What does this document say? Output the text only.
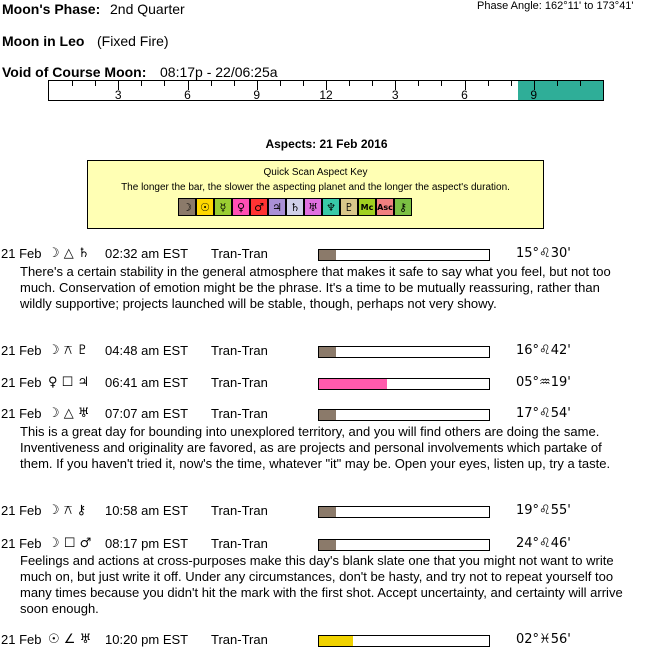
Moon's Phase: 2nd Quarter	Phase Angle: 162°11' to 173°41'
Moon in Leo (Fixed Fire)
Void of Course Moon: 08:17p - 22/06:25a
3	6	9	12	3	6	9
Aspects: 21 Feb 2016
Quick Scan Aspect Key
The longer the bar, the slower the aspecting planet and the longer the aspect's duration.
☽ ☉ ☿ ♀ ♂ ♃ ♄ ♅ ♆ ♇ Mc Asc ⚷
21 Feb ☽ △ ♄ 02:32 am EST Tran-Tran	15°♌30'
There's a certain stability in the general atmosphere that makes it safe to say what you feel, but not too much. Conservation of emotion might be the phrase. It's a time to be mutually reassuring, rather than wildly supportive; projects launched will be stable, though, perhaps not very showy.
21 Feb ☽ ⚻ ♇ 04:48 am EST Tran-Tran	16°♌42'
21 Feb ♀ ☐ ♃ 06:41 am EST Tran-Tran	05°♒19'
21 Feb ☽ △ ♅ 07:07 am EST Tran-Tran	17°♌54'
This is a great day for bounding into unexplored territory, and you will find others are doing the same. Inventiveness and originality are favored, as are projects and personal involvements which partake of them. If you haven't tried it, now's the time, whatever "it" may be. Open your eyes, listen up, try a taste.
21 Feb ☽ ⚻ ⚷ 10:58 am EST Tran-Tran	19°♌55'
21 Feb ☽ ☐ ♂ 08:17 pm EST Tran-Tran	24°♌46'
Feelings and actions at cross-purposes make this day's blank slate one that you might not want to write much on, but just write it off. Under any circumstances, don't be hasty, and try not to repeat yourself too many times because you didn't hit the mark with the first shot. Accept uncertainty, and certainty will arrive soon enough.
21 Feb ☉ ∠ ♅ 10:20 pm EST Tran-Tran	02°♓56'
